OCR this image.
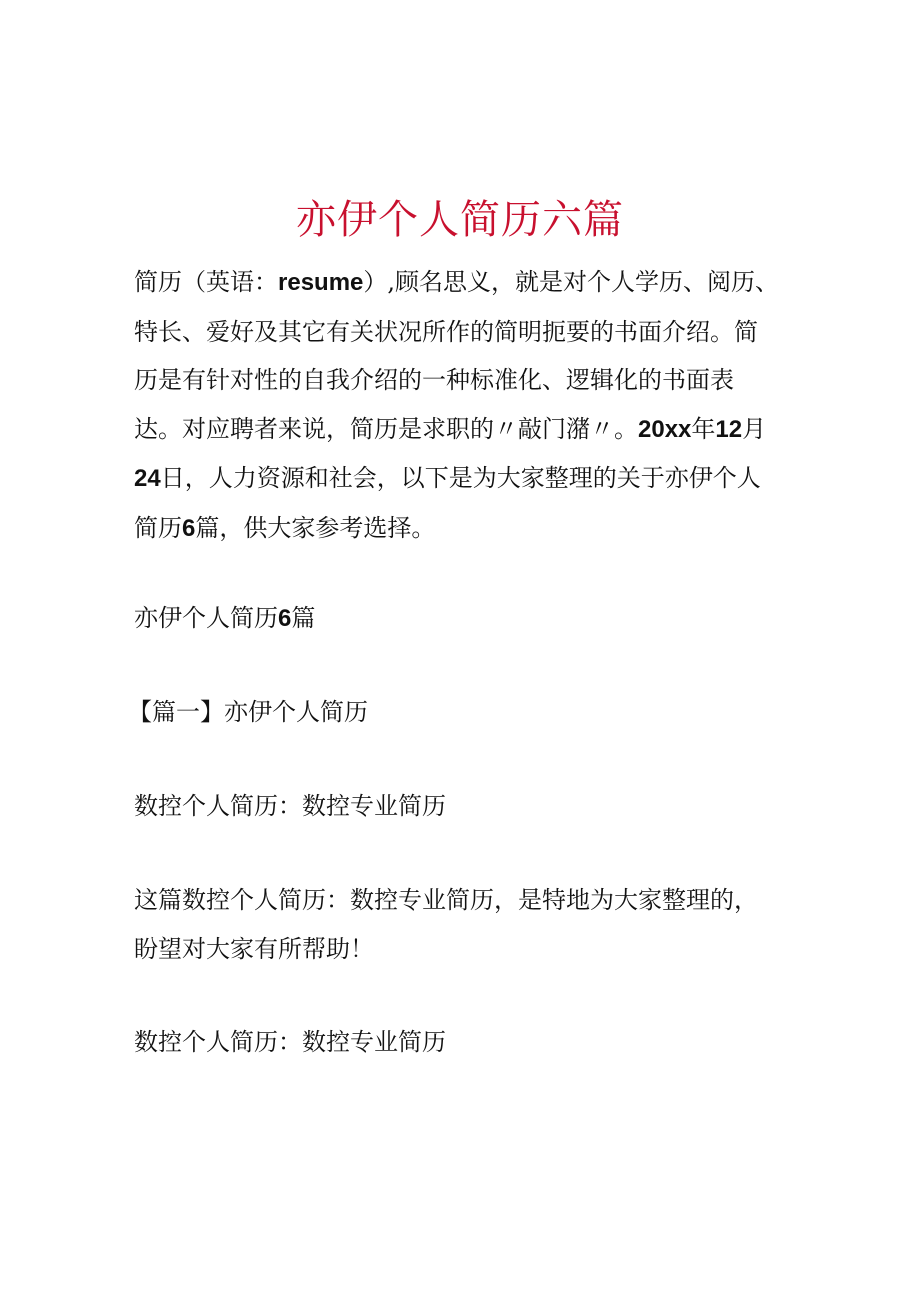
亦伊个人简历六篇

简历（英语：resume）,顾名思义，就是对个人学历、阅历、
特长、爱好及其它有关状况所作的简明扼要的书面介绍。简
历是有针对性的自我介绍的一种标准化、逻辑化的书面表
达。对应聘者来说，简历是求职的〃敲门潴〃。20xx年12月
24日，人力资源和社会，以下是为大家整理的关于亦伊个人
简历6篇，供大家参考选择。

亦伊个人简历6篇

【篇一】亦伊个人简历

数控个人简历：数控专业简历

这篇数控个人简历：数控专业简历，是特地为大家整理的，
盼望对大家有所帮助！

数控个人简历：数控专业简历
